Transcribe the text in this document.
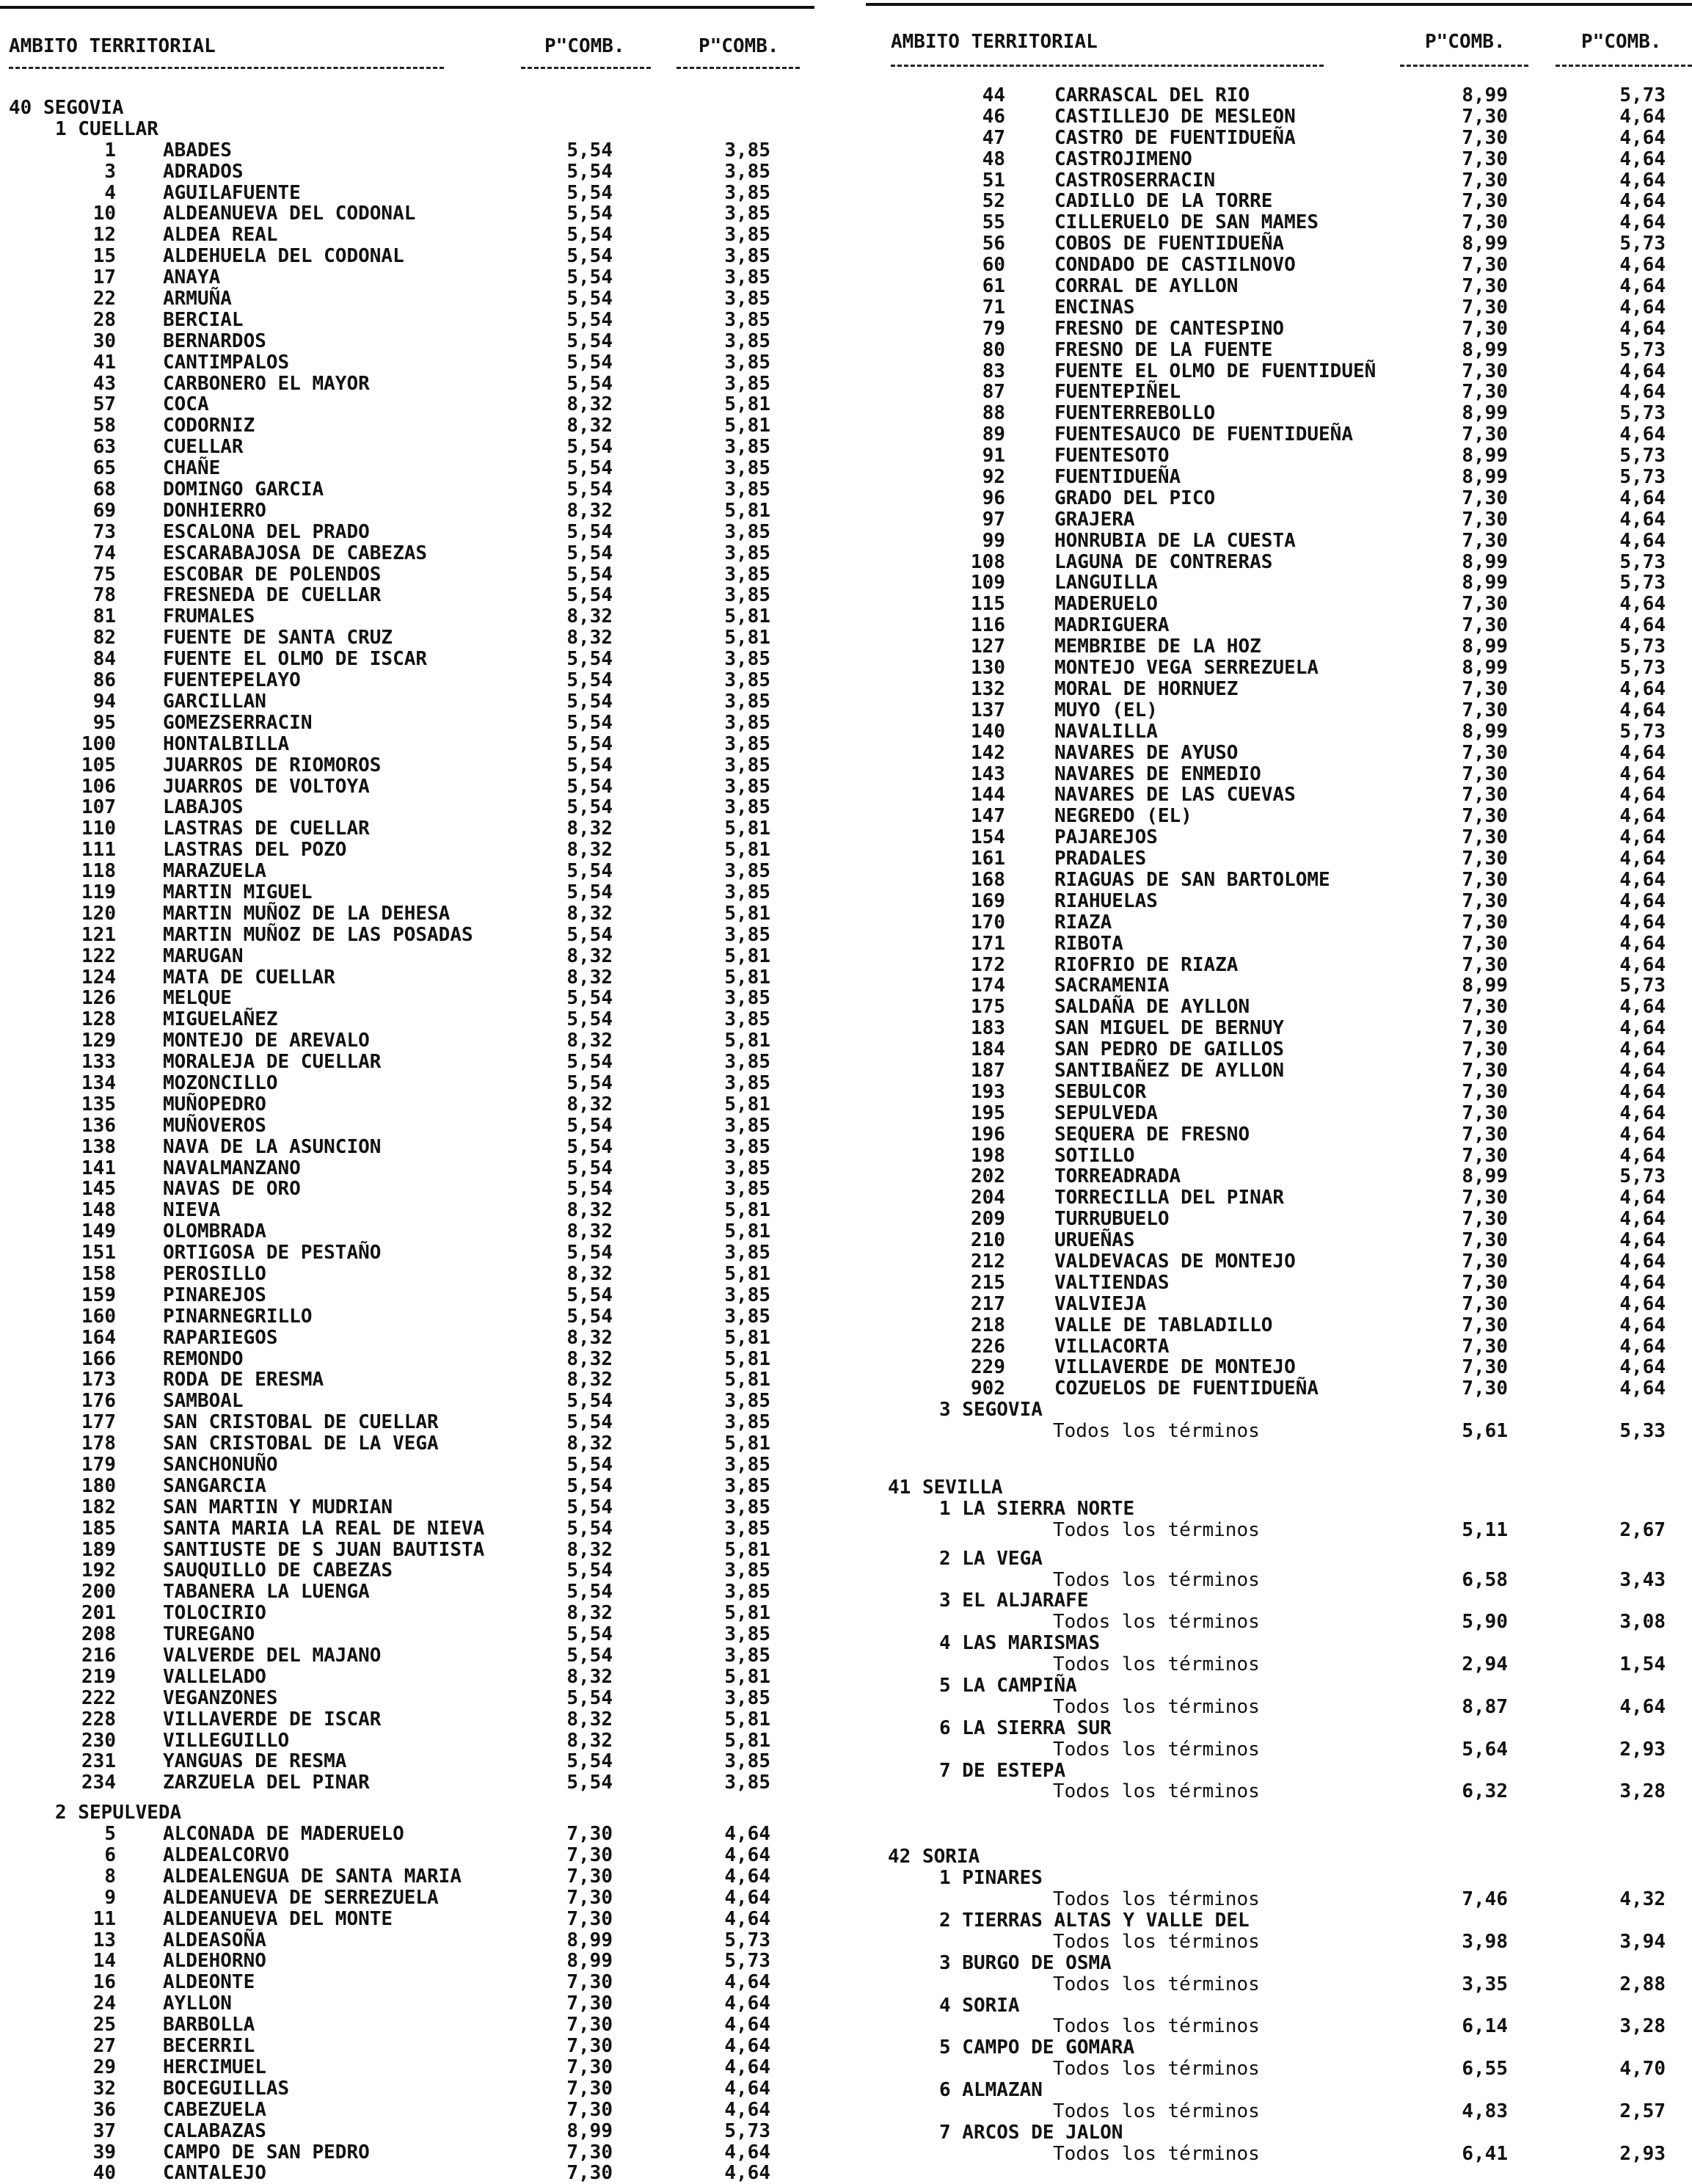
AMBITO TERRITORIAL	P"COMB.	P"COMB.
40 SEGOVIA
1 CUELLAR
1 ABADES	5,54	3,85
3 ADRADOS	5,54	3,85
4 AGUILAFUENTE	5,54	3,85
10 ALDEANUEVA DEL CODONAL	5,54	3,85
12 ALDEA REAL	5,54	3,85
15 ALDEHUELA DEL CODONAL	5,54	3,85
17 ANAYA	5,54	3,85
22 ARMUÑA	5,54	3,85
28 BERCIAL	5,54	3,85
30 BERNARDOS	5,54	3,85
41 CANTIMPALOS	5,54	3,85
43 CARBONERO EL MAYOR	5,54	3,85
57 COCA	8,32	5,81
58 CODORNIZ	8,32	5,81
63 CUELLAR	5,54	3,85
65 CHAÑE	5,54	3,85
68 DOMINGO GARCIA	5,54	3,85
69 DONHIERRO	8,32	5,81
73 ESCALONA DEL PRADO	5,54	3,85
74 ESCARABAJOSA DE CABEZAS	5,54	3,85
75 ESCOBAR DE POLENDOS	5,54	3,85
78 FRESNEDA DE CUELLAR	5,54	3,85
81 FRUMALES	8,32	5,81
82 FUENTE DE SANTA CRUZ	8,32	5,81
84 FUENTE EL OLMO DE ISCAR	5,54	3,85
86 FUENTEPELAYO	5,54	3,85
94 GARCILLAN	5,54	3,85
95 GOMEZSERRACIN	5,54	3,85
100 HONTALBILLA	5,54	3,85
105 JUARROS DE RIOMOROS	5,54	3,85
106 JUARROS DE VOLTOYA	5,54	3,85
107 LABAJOS	5,54	3,85
110 LASTRAS DE CUELLAR	8,32	5,81
111 LASTRAS DEL POZO	8,32	5,81
118 MARAZUELA	5,54	3,85
119 MARTIN MIGUEL	5,54	3,85
120 MARTIN MUÑOZ DE LA DEHESA	8,32	5,81
121 MARTIN MUÑOZ DE LAS POSADAS	5,54	3,85
122 MARUGAN	8,32	5,81
124 MATA DE CUELLAR	8,32	5,81
126 MELQUE	5,54	3,85
128 MIGUELAÑEZ	5,54	3,85
129 MONTEJO DE AREVALO	8,32	5,81
133 MORALEJA DE CUELLAR	5,54	3,85
134 MOZONCILLO	5,54	3,85
135 MUÑOPEDRO	8,32	5,81
136 MUÑOVEROS	5,54	3,85
138 NAVA DE LA ASUNCION	5,54	3,85
141 NAVALMANZANO	5,54	3,85
145 NAVAS DE ORO	5,54	3,85
148 NIEVA	8,32	5,81
149 OLOMBRADA	8,32	5,81
151 ORTIGOSA DE PESTAÑO	5,54	3,85
158 PEROSILLO	8,32	5,81
159 PINAREJOS	5,54	3,85
160 PINARNEGRILLO	5,54	3,85
164 RAPARIEGOS	8,32	5,81
166 REMONDO	8,32	5,81
173 RODA DE ERESMA	8,32	5,81
176 SAMBOAL	5,54	3,85
177 SAN CRISTOBAL DE CUELLAR	5,54	3,85
178 SAN CRISTOBAL DE LA VEGA	8,32	5,81
179 SANCHONUÑO	5,54	3,85
180 SANGARCIA	5,54	3,85
182 SAN MARTIN Y MUDRIAN	5,54	3,85
185 SANTA MARIA LA REAL DE NIEVA	5,54	3,85
189 SANTIUSTE DE S JUAN BAUTISTA	8,32	5,81
192 SAUQUILLO DE CABEZAS	5,54	3,85
200 TABANERA LA LUENGA	5,54	3,85
201 TOLOCIRIO	8,32	5,81
208 TUREGANO	5,54	3,85
216 VALVERDE DEL MAJANO	5,54	3,85
219 VALLELADO	8,32	5,81
222 VEGANZONES	5,54	3,85
228 VILLAVERDE DE ISCAR	8,32	5,81
230 VILLEGUILLO	8,32	5,81
231 YANGUAS DE RESMA	5,54	3,85
234 ZARZUELA DEL PINAR	5,54	3,85
2 SEPULVEDA
5 ALCONADA DE MADERUELO	7,30	4,64
6 ALDEALCORVO	7,30	4,64
8 ALDEALENGUA DE SANTA MARIA	7,30	4,64
9 ALDEANUEVA DE SERREZUELA	7,30	4,64
11 ALDEANUEVA DEL MONTE	7,30	4,64
13 ALDEASOÑA	8,99	5,73
14 ALDEHORNO	8,99	5,73
16 ALDEONTE	7,30	4,64
24 AYLLON	7,30	4,64
25 BARBOLLA	7,30	4,64
27 BECERRIL	7,30	4,64
29 HERCIMUEL	7,30	4,64
32 BOCEGUILLAS	7,30	4,64
36 CABEZUELA	7,30	4,64
37 CALABAZAS	8,99	5,73
39 CAMPO DE SAN PEDRO	7,30	4,64
40 CANTALEJO	7,30	4,64
AMBITO TERRITORIAL	P"COMB.	P"COMB.
44	CARRASCAL DEL RIO	8,99	5,73
46	CASTILLEJO DE MESLEON	7,30	4,64
47	CASTRO DE FUENTIDUEÑA	7,30	4,64
48	CASTROJIMENO	7,30	4,64
51	CASTROSERRACIN	7,30	4,64
52	CADILLO DE LA TORRE	7,30	4,64
55	CILLERUELO DE SAN MAMES	7,30	4,64
56	COBOS DE FUENTIDUEÑA	8,99	5,73
60	CONDADO DE CASTILNOVO	7,30	4,64
61	CORRAL DE AYLLON	7,30	4,64
71	ENCINAS	7,30	4,64
79	FRESNO DE CANTESPINO	7,30	4,64
80	FRESNO DE LA FUENTE	8,99	5,73
83	FUENTE EL OLMO DE FUENTIDUEÑ	7,30	4,64
87	FUENTEPIÑEL	7,30	4,64
88	FUENTERREBOLLO	8,99	5,73
89	FUENTESAUCO DE FUENTIDUEÑA	7,30	4,64
91	FUENTESOTO	8,99	5,73
92	FUENTIDUEÑA	8,99	5,73
96	GRADO DEL PICO	7,30	4,64
97	GRAJERA	7,30	4,64
99	HONRUBIA DE LA CUESTA	7,30	4,64
108	LAGUNA DE CONTRERAS	8,99	5,73
109	LANGUILLA	8,99	5,73
115	MADERUELO	7,30	4,64
116	MADRIGUERA	7,30	4,64
127	MEMBRIBE DE LA HOZ	8,99	5,73
130	MONTEJO VEGA SERREZUELA	8,99	5,73
132	MORAL DE HORNUEZ	7,30	4,64
137	MUYO (EL)	7,30	4,64
140	NAVALILLA	8,99	5,73
142	NAVARES DE AYUSO	7,30	4,64
143	NAVARES DE ENMEDIO	7,30	4,64
144	NAVARES DE LAS CUEVAS	7,30	4,64
147	NEGREDO (EL)	7,30	4,64
154	PAJAREJOS	7,30	4,64
161	PRADALES	7,30	4,64
168	RIAGUAS DE SAN BARTOLOME	7,30	4,64
169	RIAHUELAS	7,30	4,64
170	RIAZA	7,30	4,64
171	RIBOTA	7,30	4,64
172	RIOFRIO DE RIAZA	7,30	4,64
174	SACRAMENIA	8,99	5,73
175	SALDAÑA DE AYLLON	7,30	4,64
183	SAN MIGUEL DE BERNUY	7,30	4,64
184	SAN PEDRO DE GAILLOS	7,30	4,64
187	SANTIBAÑEZ DE AYLLON	7,30	4,64
193	SEBULCOR	7,30	4,64
195	SEPULVEDA	7,30	4,64
196	SEQUERA DE FRESNO	7,30	4,64
198	SOTILLO	7,30	4,64
202	TORREADRADA	8,99	5,73
204	TORRECILLA DEL PINAR	7,30	4,64
209	TURRUBUELO	7,30	4,64
210	URUEÑAS	7,30	4,64
212	VALDEVACAS DE MONTEJO	7,30	4,64
215	VALTIENDAS	7,30	4,64
217	VALVIEJA	7,30	4,64
218	VALLE DE TABLADILLO	7,30	4,64
226	VILLACORTA	7,30	4,64
229	VILLAVERDE DE MONTEJO	7,30	4,64
902	COZUELOS DE FUENTIDUEÑA	7,30	4,64
3 SEGOVIA
Todos los términos	5,61	5,33
41 SEVILLA
1 LA SIERRA NORTE
Todos los términos	5,11	2,67
2 LA VEGA
Todos los términos	6,58	3,43
3 EL ALJARAFE
Todos los términos	5,90	3,08
4 LAS MARISMAS
Todos los términos	2,94	1,54
5 LA CAMPIÑA
Todos los términos	8,87	4,64
6 LA SIERRA SUR
Todos los términos	5,64	2,93
7 DE ESTEPA
Todos los términos	6,32	3,28
42 SORIA
1 PINARES
Todos los términos	7,46	4,32
2 TIERRAS ALTAS Y VALLE DEL
Todos los términos	3,98	3,94
3 BURGO DE OSMA
Todos los términos	3,35	2,88
4 SORIA
Todos los términos	6,14	3,28
5 CAMPO DE GOMARA
Todos los términos	6,55	4,70
6 ALMAZAN
Todos los términos	4,83	2,57
7 ARCOS DE JALON
Todos los términos	6,41	2,93
